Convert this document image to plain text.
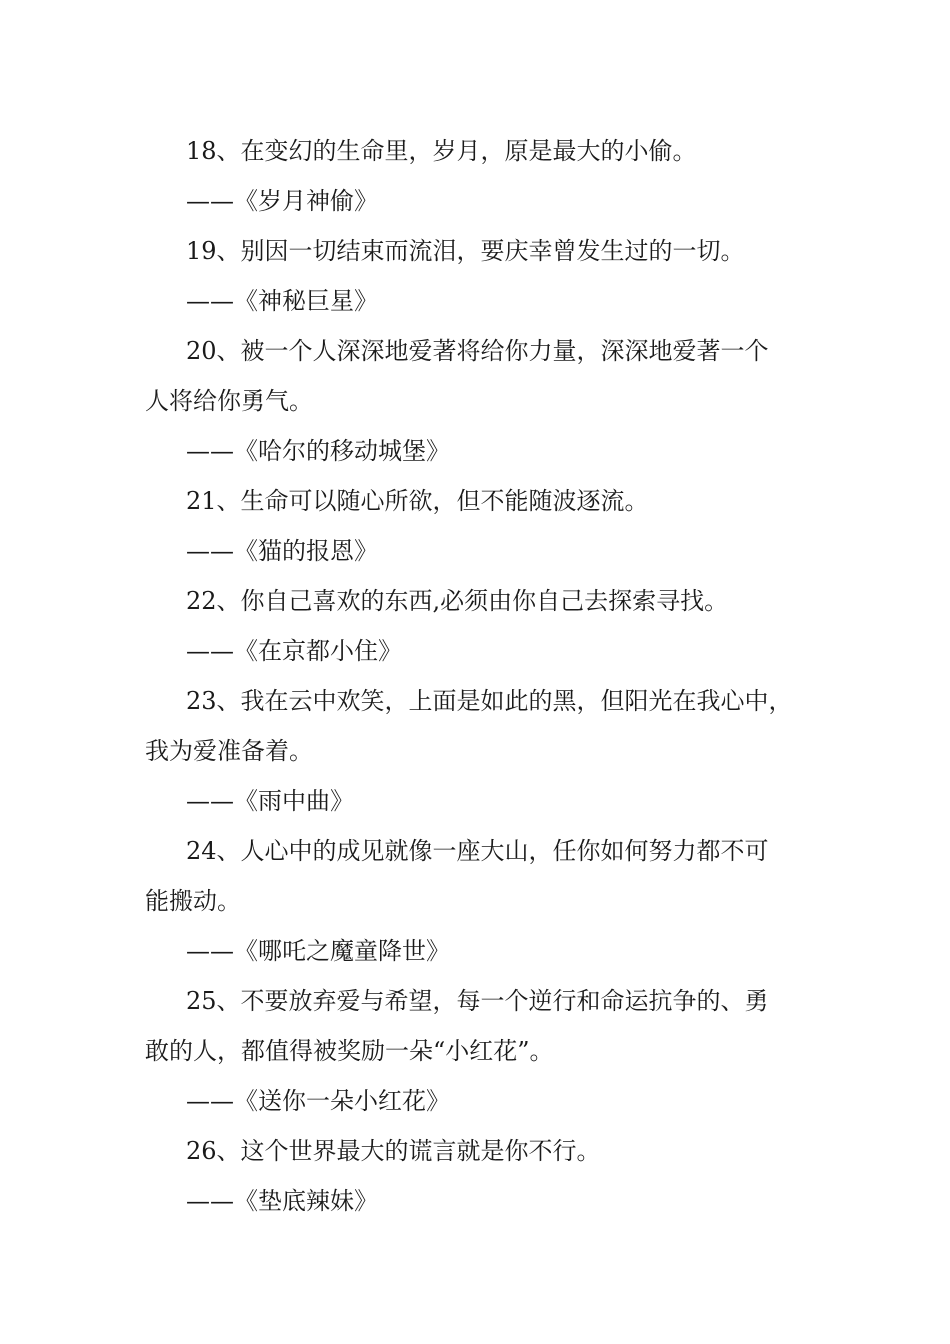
18、在变幻的生命里，岁月，原是最大的小偷。

——《岁月神偷》

19、别因一切结束而流泪，要庆幸曾发生过的一切。

——《神秘巨星》

20、被一个人深深地爱著将给你力量，深深地爱著一个

人将给你勇气。

——《哈尔的移动城堡》

21、生命可以随心所欲，但不能随波逐流。

——《猫的报恩》

22、你自己喜欢的东西,必须由你自己去探索寻找。

——《在京都小住》

23、我在云中欢笑，上面是如此的黑，但阳光在我心中，

我为爱准备着。

——《雨中曲》

24、人心中的成见就像一座大山，任你如何努力都不可

能搬动。

——《哪吒之魔童降世》

25、不要放弃爱与希望，每一个逆行和命运抗争的、勇

敢的人，都值得被奖励一朵“小红花”。

——《送你一朵小红花》

26、这个世界最大的谎言就是你不行。

——《垫底辣妹》
